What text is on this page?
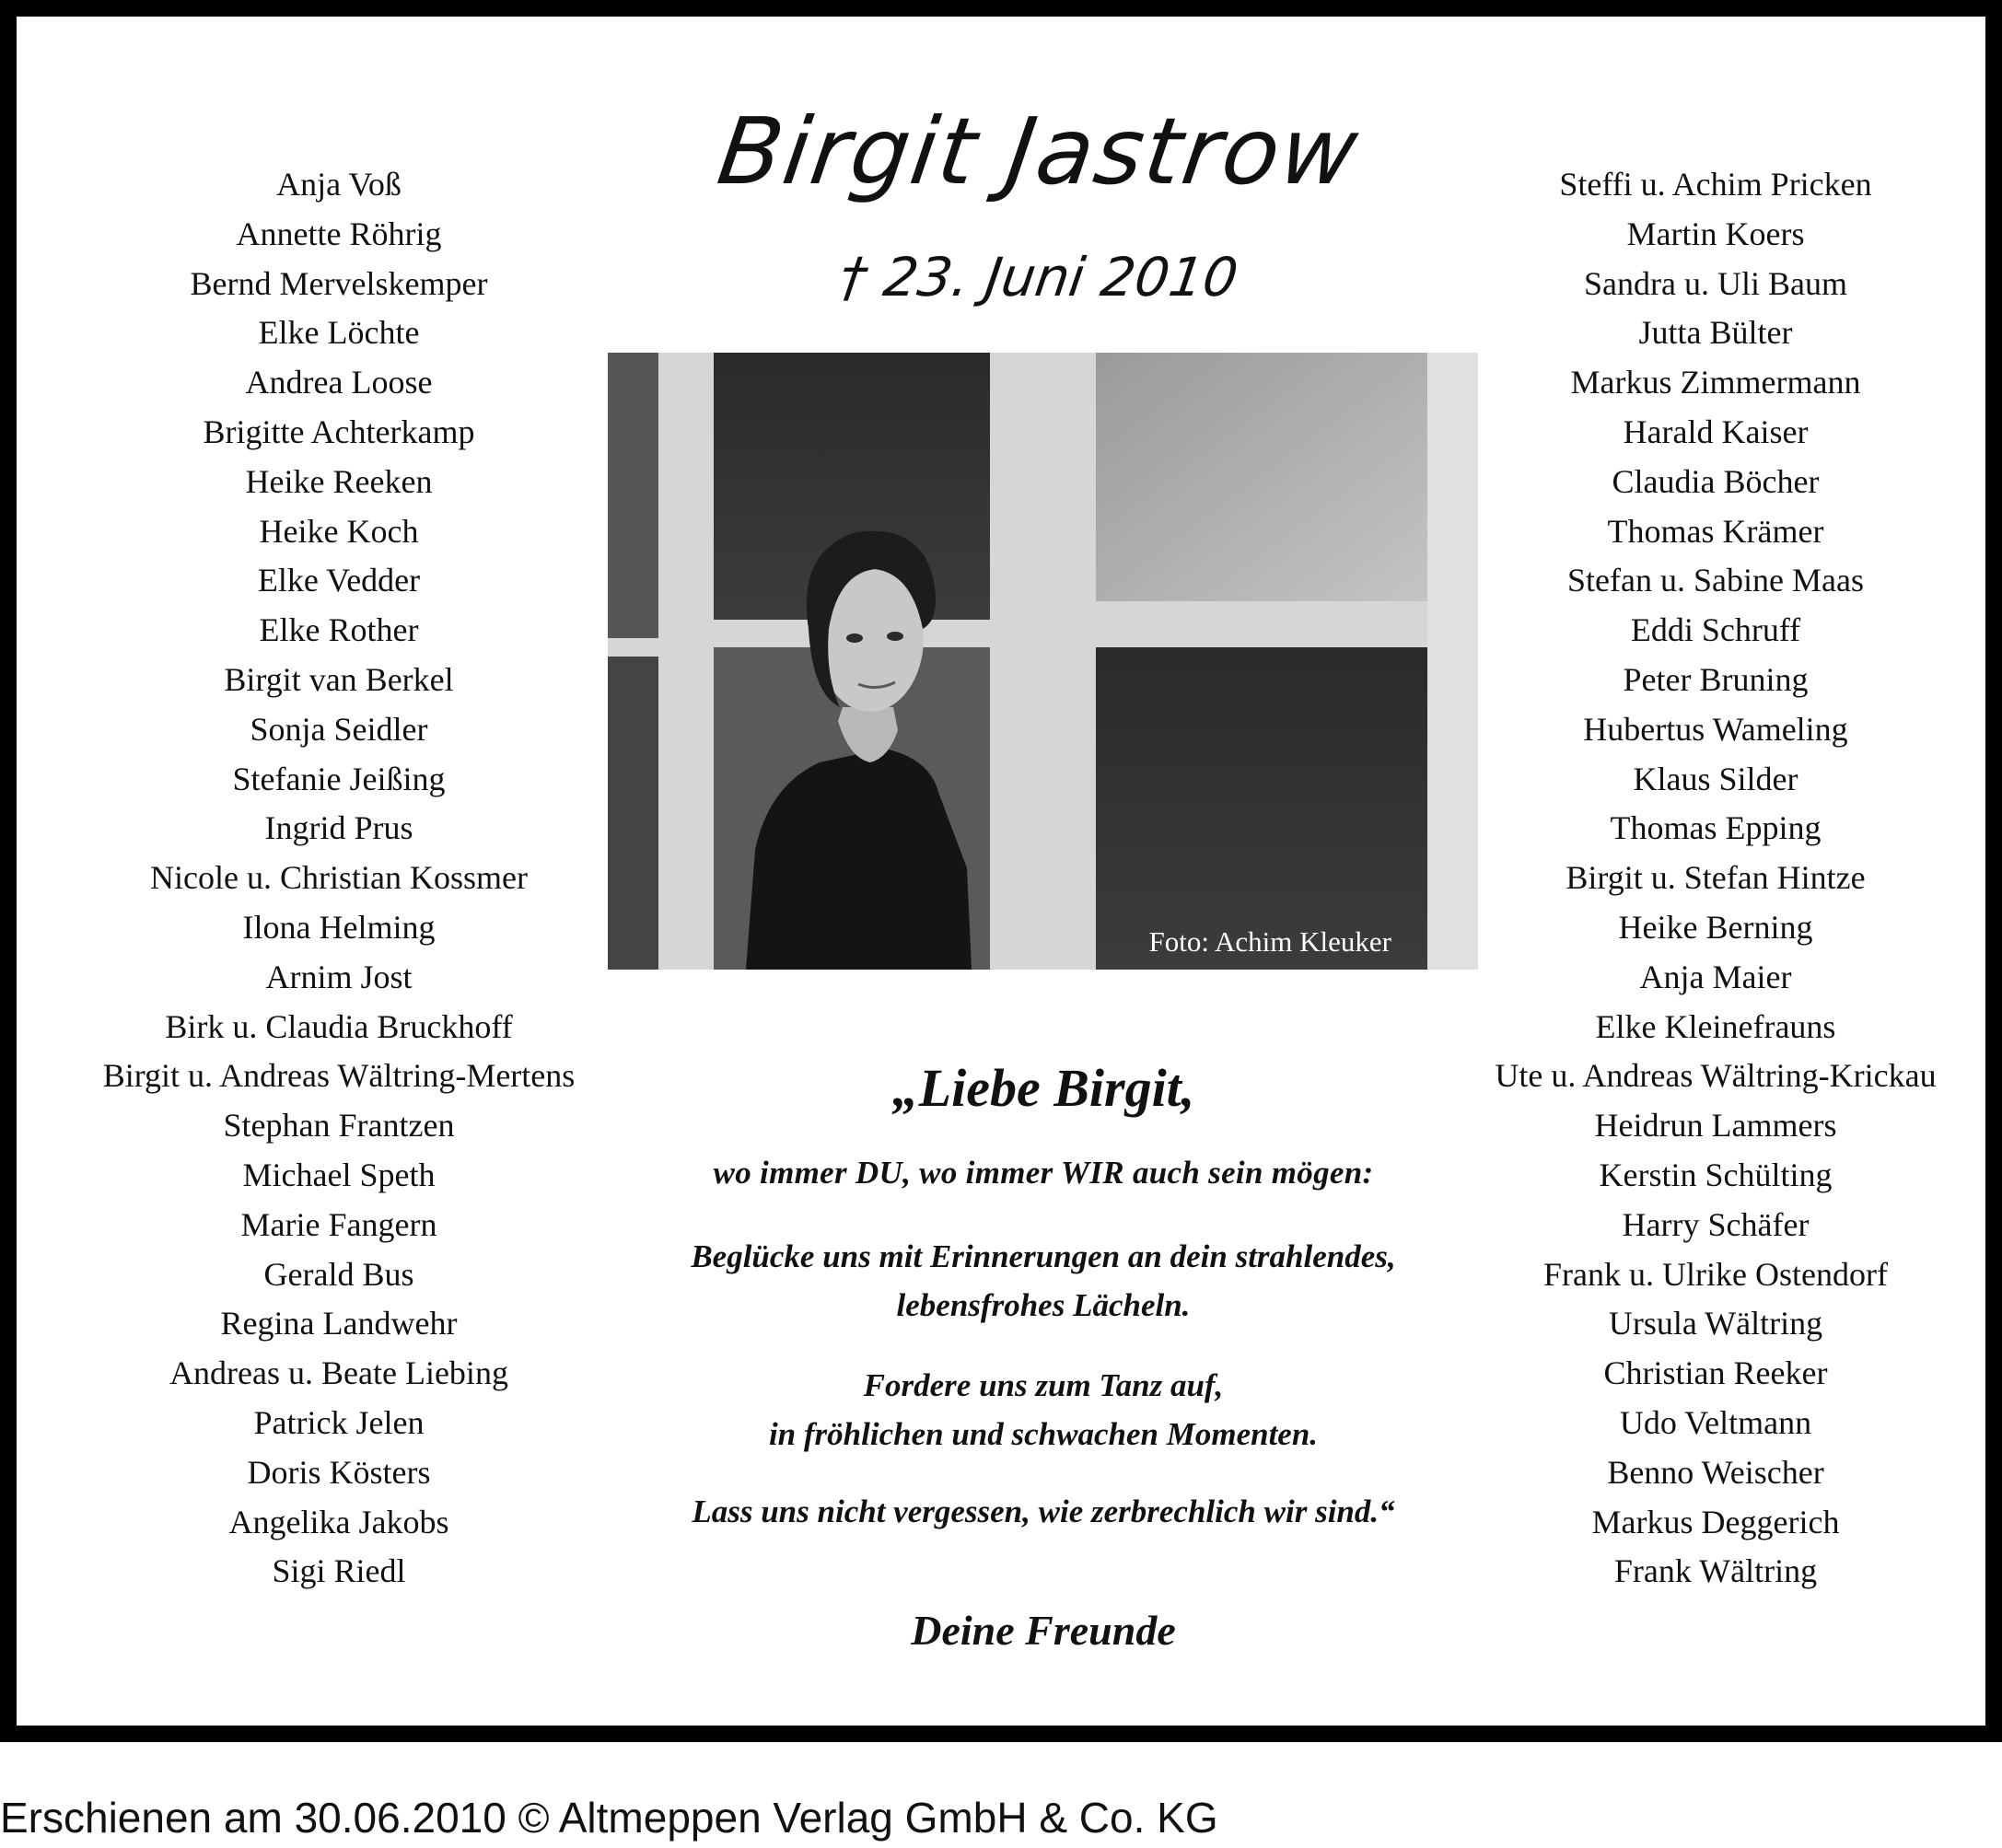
Anja Voß
Annette Röhrig
Bernd Mervelskemper
Elke Löchte
Andrea Loose
Brigitte Achterkamp
Heike Reeken
Heike Koch
Elke Vedder
Elke Rother
Birgit van Berkel
Sonja Seidler
Stefanie Jeißing
Ingrid Prus
Nicole u. Christian Kossmer
Ilona Helming
Arnim Jost
Birk u. Claudia Bruckhoff
Birgit u. Andreas Wältring-Mertens
Stephan Frantzen
Michael Speth
Marie Fangern
Gerald Bus
Regina Landwehr
Andreas u. Beate Liebing
Patrick Jelen
Doris Kösters
Angelika Jakobs
Sigi Riedl
Birgit Jastrow
† 23. Juni 2010
Foto: Achim Kleuker

„Liebe Birgit,

wo immer DU, wo immer WIR auch sein mögen:

Beglücke uns mit Erinnerungen an dein strahlendes,
lebensfrohes Lächeln.

Fordere uns zum Tanz auf,
in fröhlichen und schwachen Momenten.

Lass uns nicht vergessen, wie zerbrechlich wir sind.“

Deine Freunde

Steffi u. Achim Pricken
Martin Koers
Sandra u. Uli Baum
Jutta Bülter
Markus Zimmermann
Harald Kaiser
Claudia Böcher
Thomas Krämer
Stefan u. Sabine Maas
Eddi Schruff
Peter Bruning
Hubertus Wameling
Klaus Silder
Thomas Epping
Birgit u. Stefan Hintze
Heike Berning
Anja Maier
Elke Kleinefrauns
Ute u. Andreas Wältring-Krickau
Heidrun Lammers
Kerstin Schülting
Harry Schäfer
Frank u. Ulrike Ostendorf
Ursula Wältring
Christian Reeker
Udo Veltmann
Benno Weischer
Markus Deggerich
Frank Wältring
Erschienen am 30.06.2010 © Altmeppen Verlag GmbH & Co. KG
